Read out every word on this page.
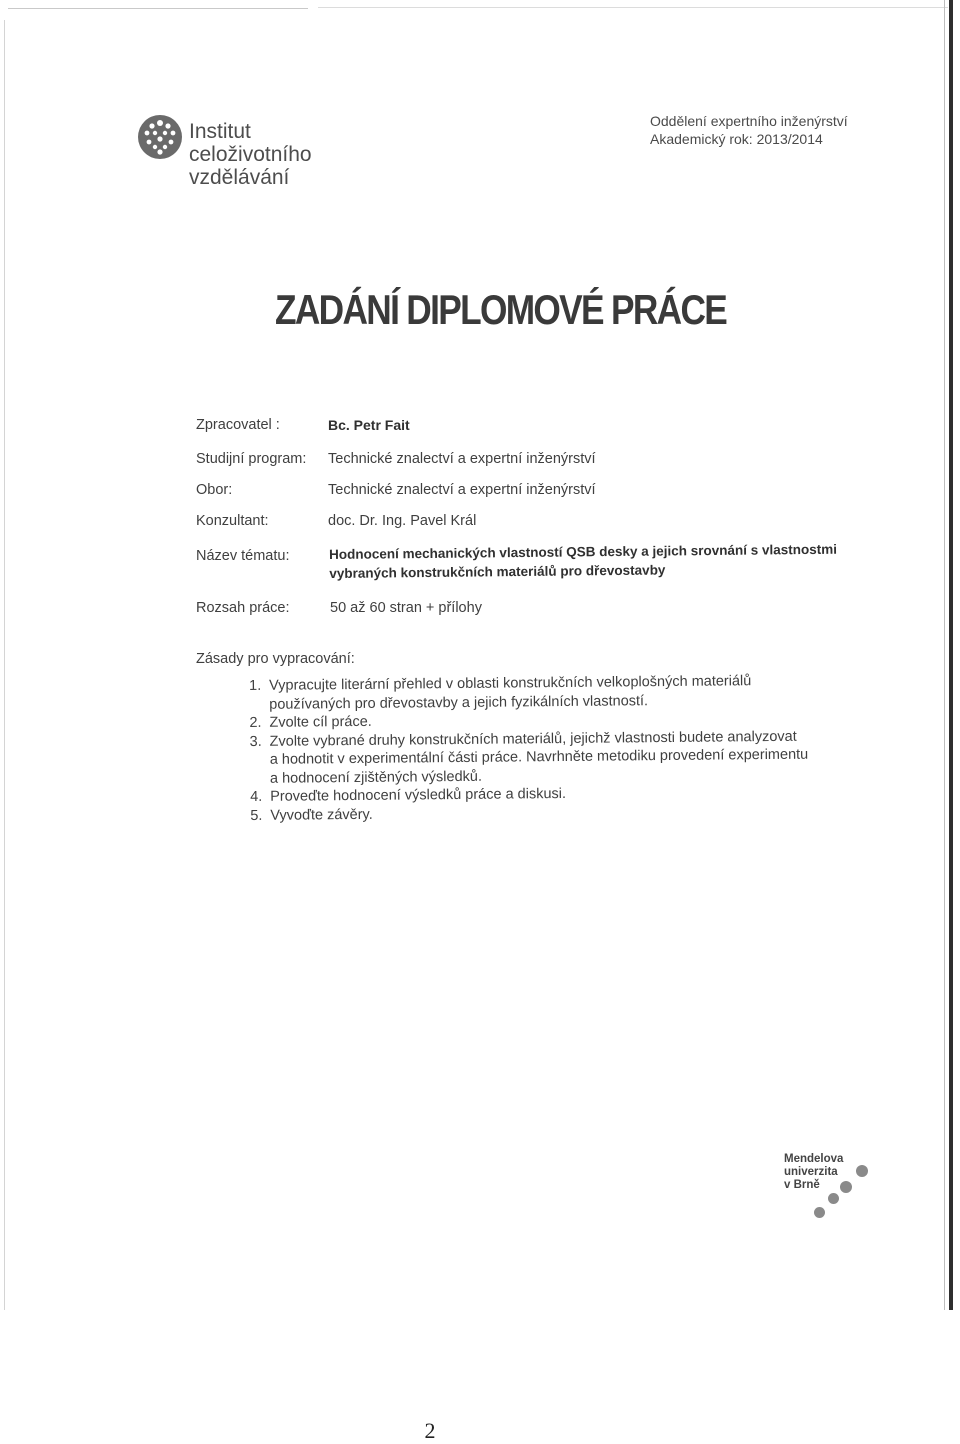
Institut
celoživotního
vzdělávání
Oddělení expertního inženýrství
Akademický rok: 2013/2014
ZADÁNÍ DIPLOMOVÉ PRÁCE
Zpracovatel :	Bc. Petr Fait
Studijní program: Technické znalectví a expertní inženýrství
Obor:	Technické znalectví a expertní inženýrství
Konzultant:	doc. Dr. Ing. Pavel Král
Název tématu:	Hodnocení mechanických vlastností QSB desky a jejich srovnání s vlastnostmi
vybraných konstrukčních materiálů pro dřevostavby
Rozsah práce:	50 až 60 stran + přílohy
Zásady pro vypracování:
1. Vypracujte literární přehled v oblasti konstrukčních velkoplošných materiálů
používaných pro dřevostavby a jejich fyzikálních vlastností.
2. Zvolte cíl práce.
3. Zvolte vybrané druhy konstrukčních materiálů, jejichž vlastnosti budete analyzovat
a hodnotit v experimentální části práce. Navrhněte metodiku provedení experimentu
a hodnocení zjištěných výsledků.
4. Proveďte hodnocení výsledků práce a diskusi.
5. Vyvoďte závěry.
Mendelova
univerzita
v Brně
2
